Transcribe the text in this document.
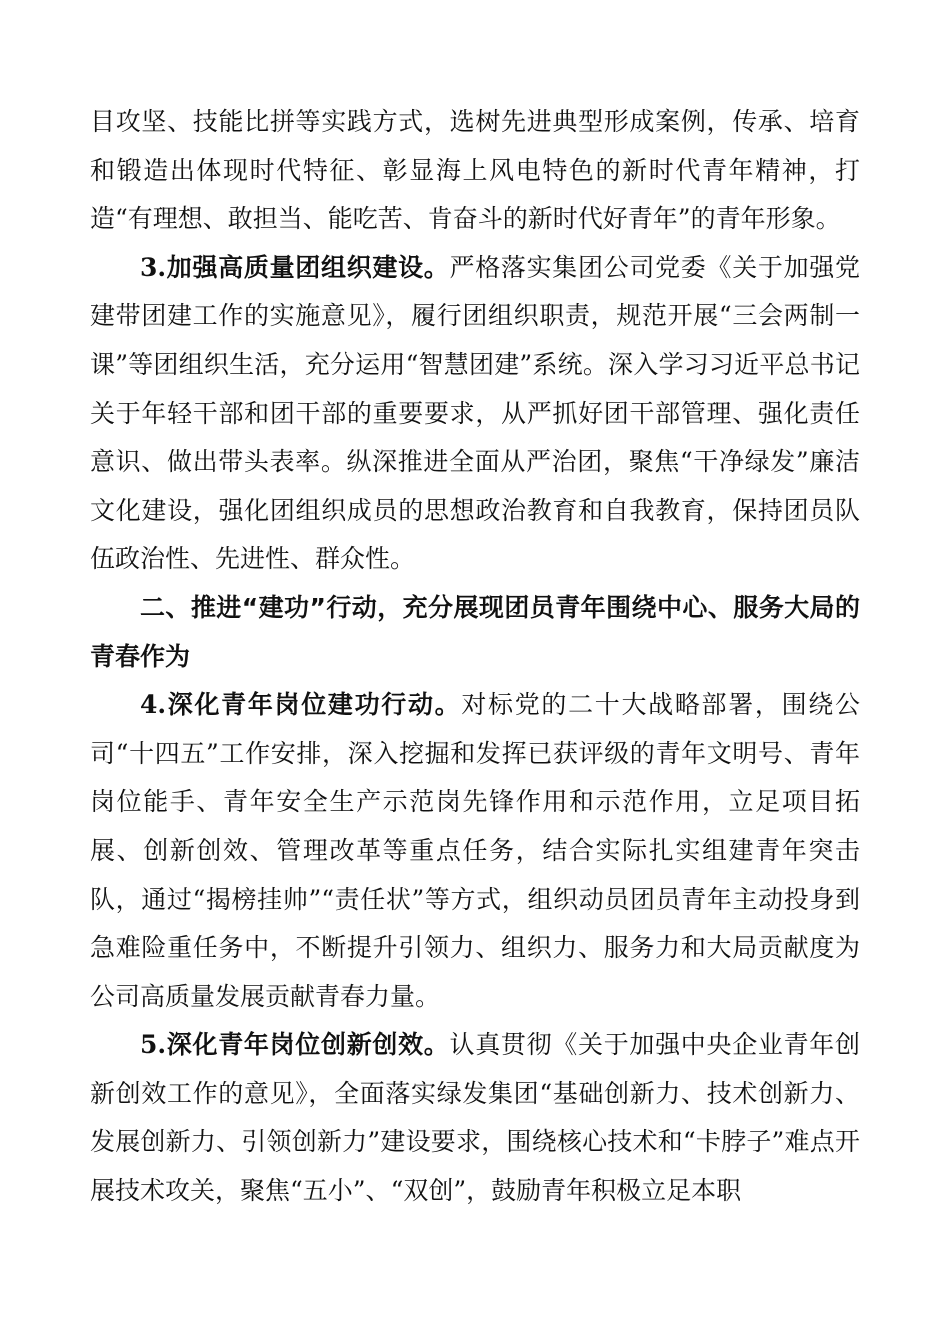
目攻坚、技能比拼等实践方式，选树先进典型形成案例，传承、培育和锻造出体现时代特征、彰显海上风电特色的新时代青年精神，打造“有理想、敢担当、能吃苦、肯奋斗的新时代好青年”的青年形象。

3.加强高质量团组织建设。严格落实集团公司党委《关于加强党建带团建工作的实施意见》，履行团组织职责，规范开展“三会两制一课”等团组织生活，充分运用“智慧团建”系统。深入学习习近平总书记关于年轻干部和团干部的重要要求，从严抓好团干部管理、强化责任意识、做出带头表率。纵深推进全面从严治团，聚焦“干净绿发”廉洁文化建设，强化团组织成员的思想政治教育和自我教育，保持团员队伍政治性、先进性、群众性。

二、推进“建功”行动，充分展现团员青年围绕中心、服务大局的青春作为

4.深化青年岗位建功行动。对标党的二十大战略部署，围绕公司“十四五”工作安排，深入挖掘和发挥已获评级的青年文明号、青年岗位能手、青年安全生产示范岗先锋作用和示范作用，立足项目拓展、创新创效、管理改革等重点任务，结合实际扎实组建青年突击队，通过“揭榜挂帅”“责任状”等方式，组织动员团员青年主动投身到急难险重任务中，不断提升引领力、组织力、服务力和大局贡献度为公司高质量发展贡献青春力量。

5.深化青年岗位创新创效。认真贯彻《关于加强中央企业青年创新创效工作的意见》，全面落实绿发集团“基础创新力、技术创新力、发展创新力、引领创新力”建设要求，围绕核心技术和“卡脖子”难点开展技术攻关，聚焦“五小”、“双创”，鼓励青年积极立足本职
